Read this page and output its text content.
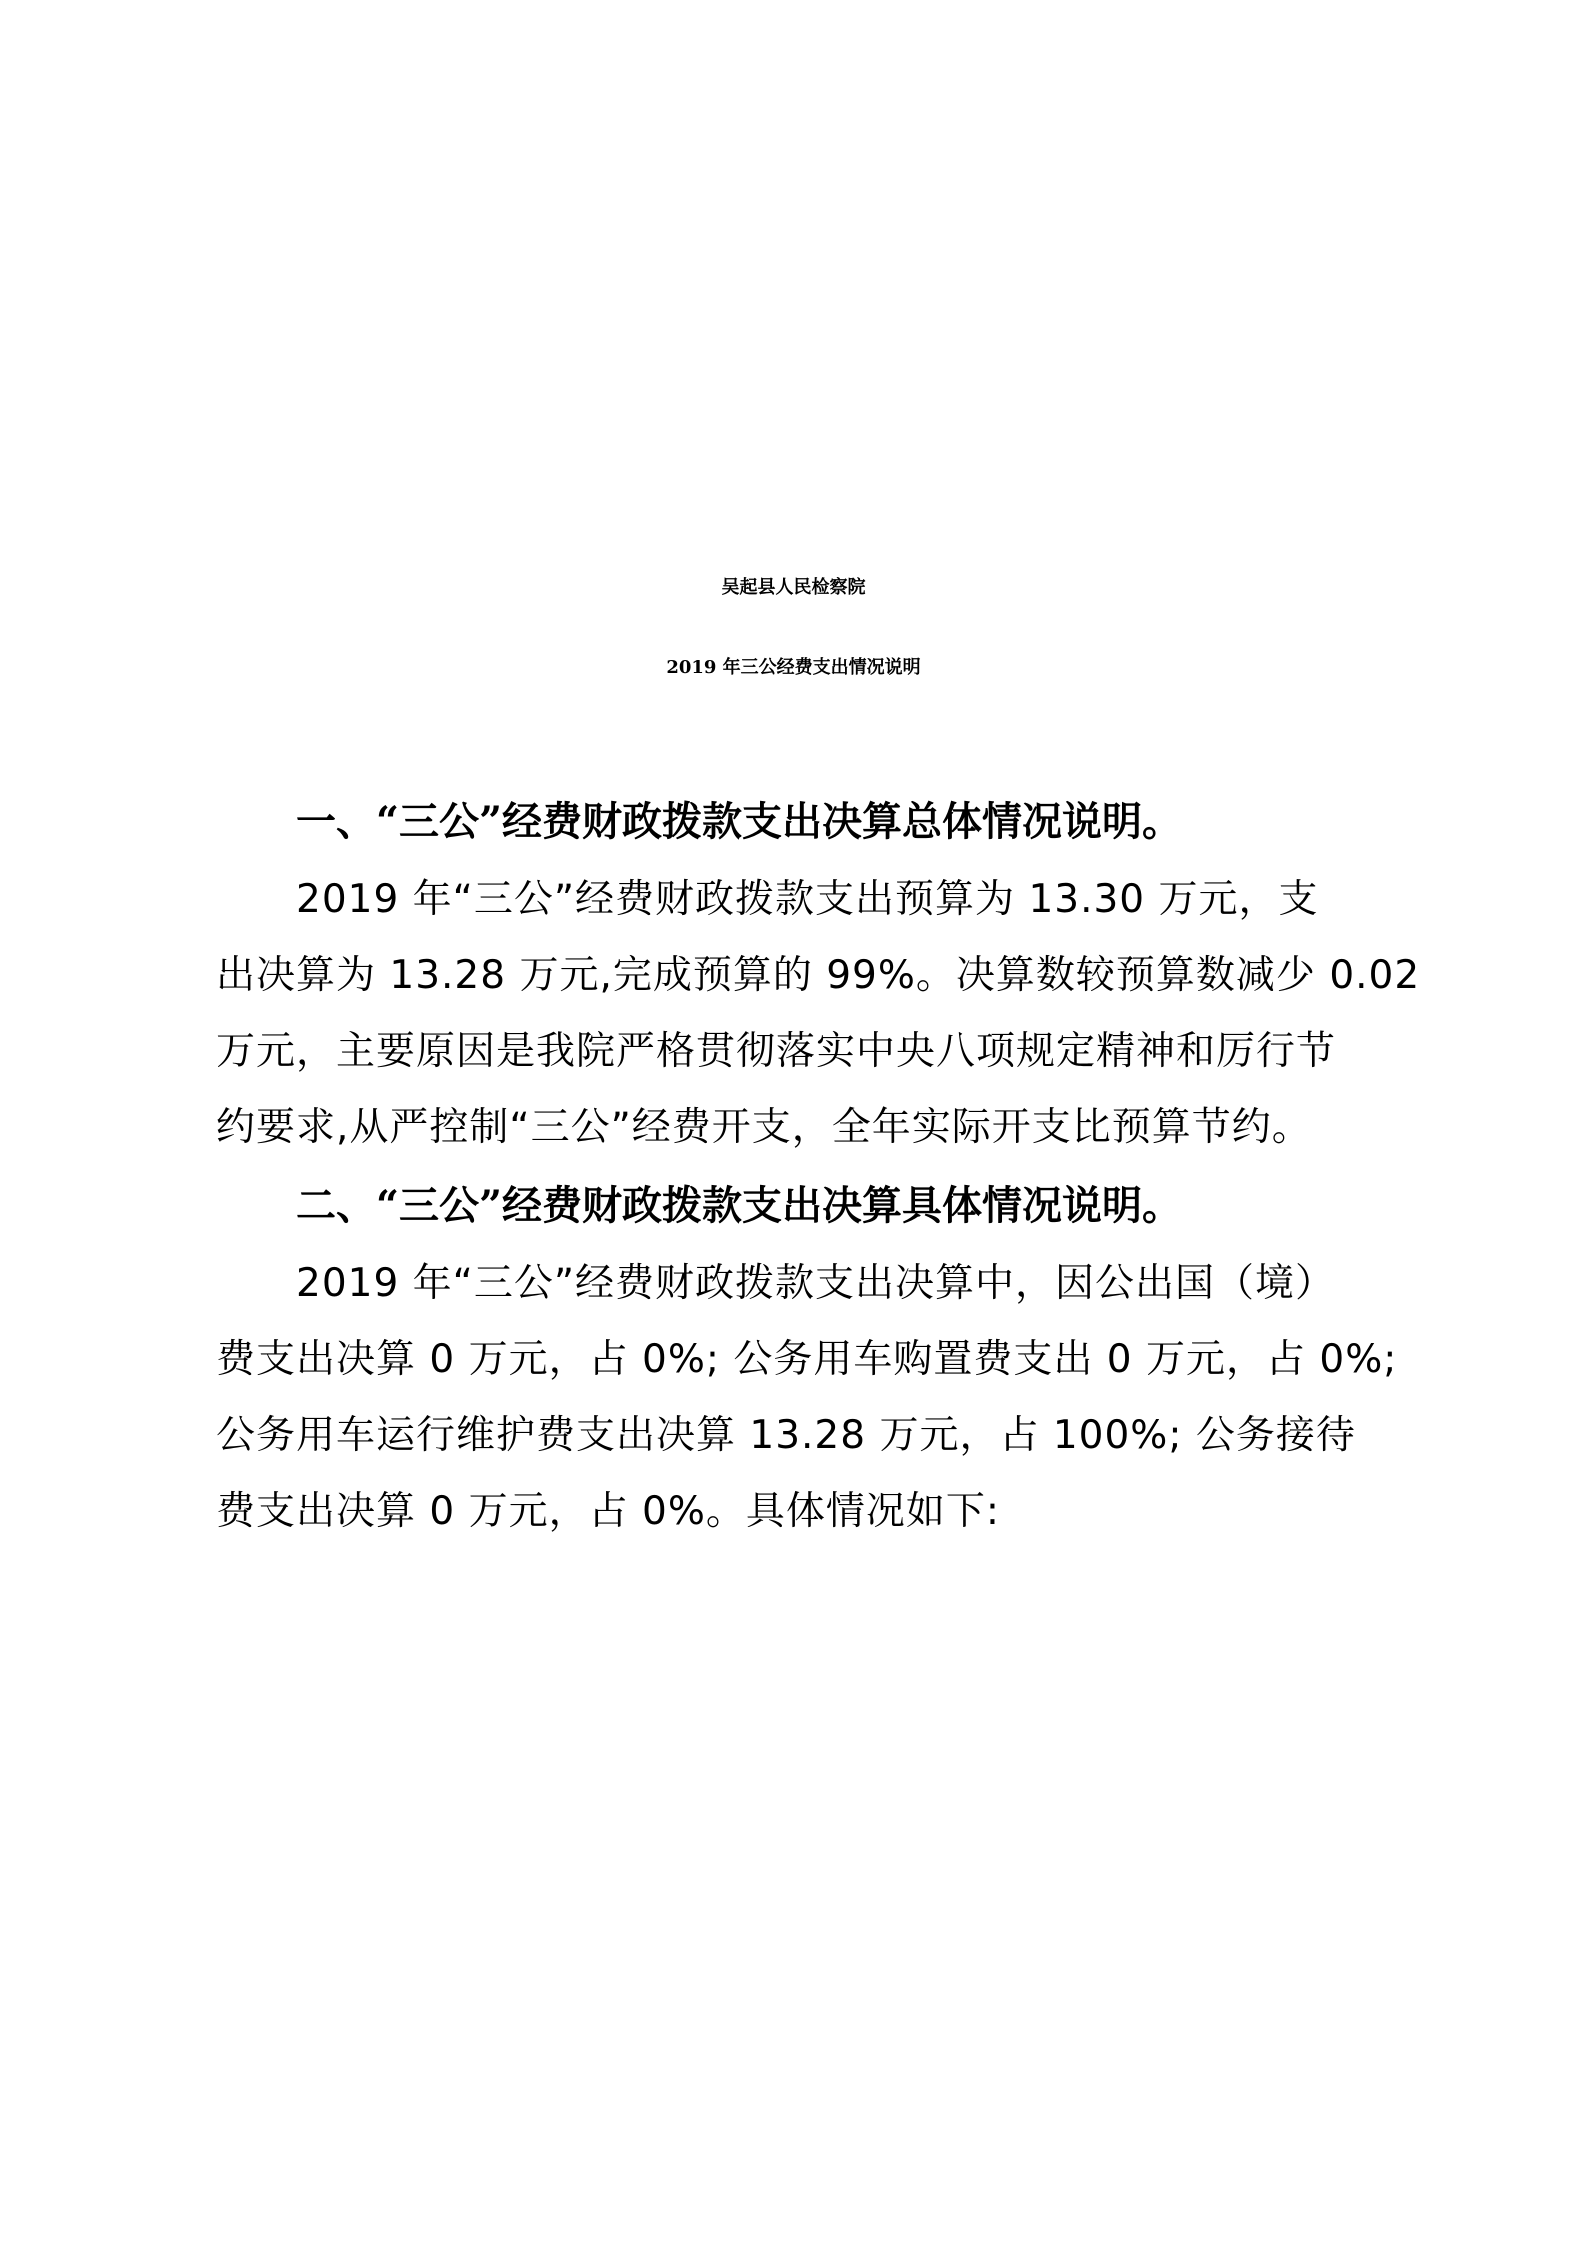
吴起县人民检察院
2019 年三公经费支出情况说明
一、“三公”经费财政拨款支出决算总体情况说明。
2019 年“三公”经费财政拨款支出预算为 13.30 万元，支
出决算为 13.28 万元,完成预算的 99%。决算数较预算数减少 0.02
万元，主要原因是我院严格贯彻落实中央八项规定精神和厉行节
约要求,从严控制“三公”经费开支，全年实际开支比预算节约。
二、“三公”经费财政拨款支出决算具体情况说明。
2019 年“三公”经费财政拨款支出决算中，因公出国（境）
费支出决算 0 万元，占 0%; 公务用车购置费支出 0 万元，占 0%;
公务用车运行维护费支出决算 13.28 万元，占 100%; 公务接待
费支出决算 0 万元，占 0%。具体情况如下:
